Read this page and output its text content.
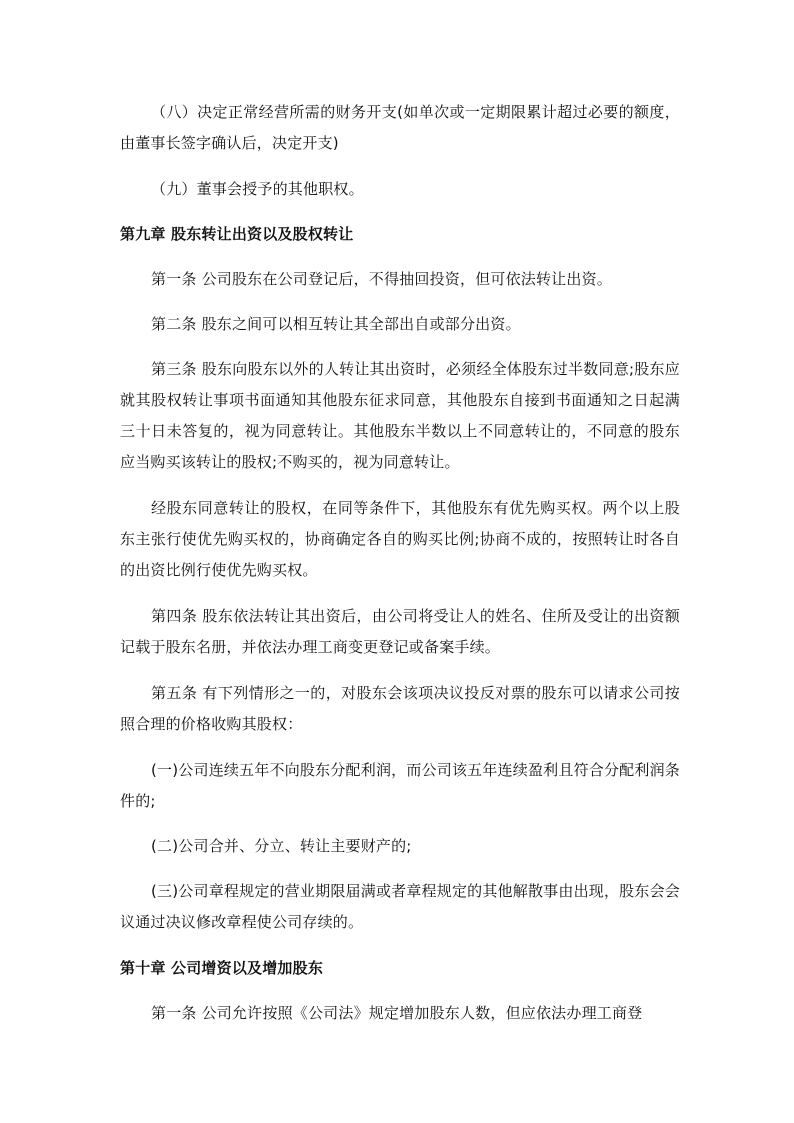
（八）决定正常经营所需的财务开支(如单次或一定期限累计超过必要的额度，由董事长签字确认后，决定开支)

（九）董事会授予的其他职权。

第九章 股东转让出资以及股权转让

第一条 公司股东在公司登记后，不得抽回投资，但可依法转让出资。

第二条 股东之间可以相互转让其全部出自或部分出资。

第三条 股东向股东以外的人转让其出资时，必须经全体股东过半数同意;股东应就其股权转让事项书面通知其他股东征求同意，其他股东自接到书面通知之日起满三十日未答复的，视为同意转让。其他股东半数以上不同意转让的，不同意的股东应当购买该转让的股权;不购买的，视为同意转让。

经股东同意转让的股权，在同等条件下，其他股东有优先购买权。两个以上股东主张行使优先购买权的，协商确定各自的购买比例;协商不成的，按照转让时各自的出资比例行使优先购买权。

第四条 股东依法转让其出资后，由公司将受让人的姓名、住所及受让的出资额记载于股东名册，并依法办理工商变更登记或备案手续。

第五条 有下列情形之一的，对股东会该项决议投反对票的股东可以请求公司按照合理的价格收购其股权：

(一)公司连续五年不向股东分配利润，而公司该五年连续盈利且符合分配利润条件的;

(二)公司合并、分立、转让主要财产的;

(三)公司章程规定的营业期限届满或者章程规定的其他解散事由出现，股东会会议通过决议修改章程使公司存续的。

第十章 公司增资以及增加股东

第一条 公司允许按照《公司法》规定增加股东人数，但应依法办理工商登
